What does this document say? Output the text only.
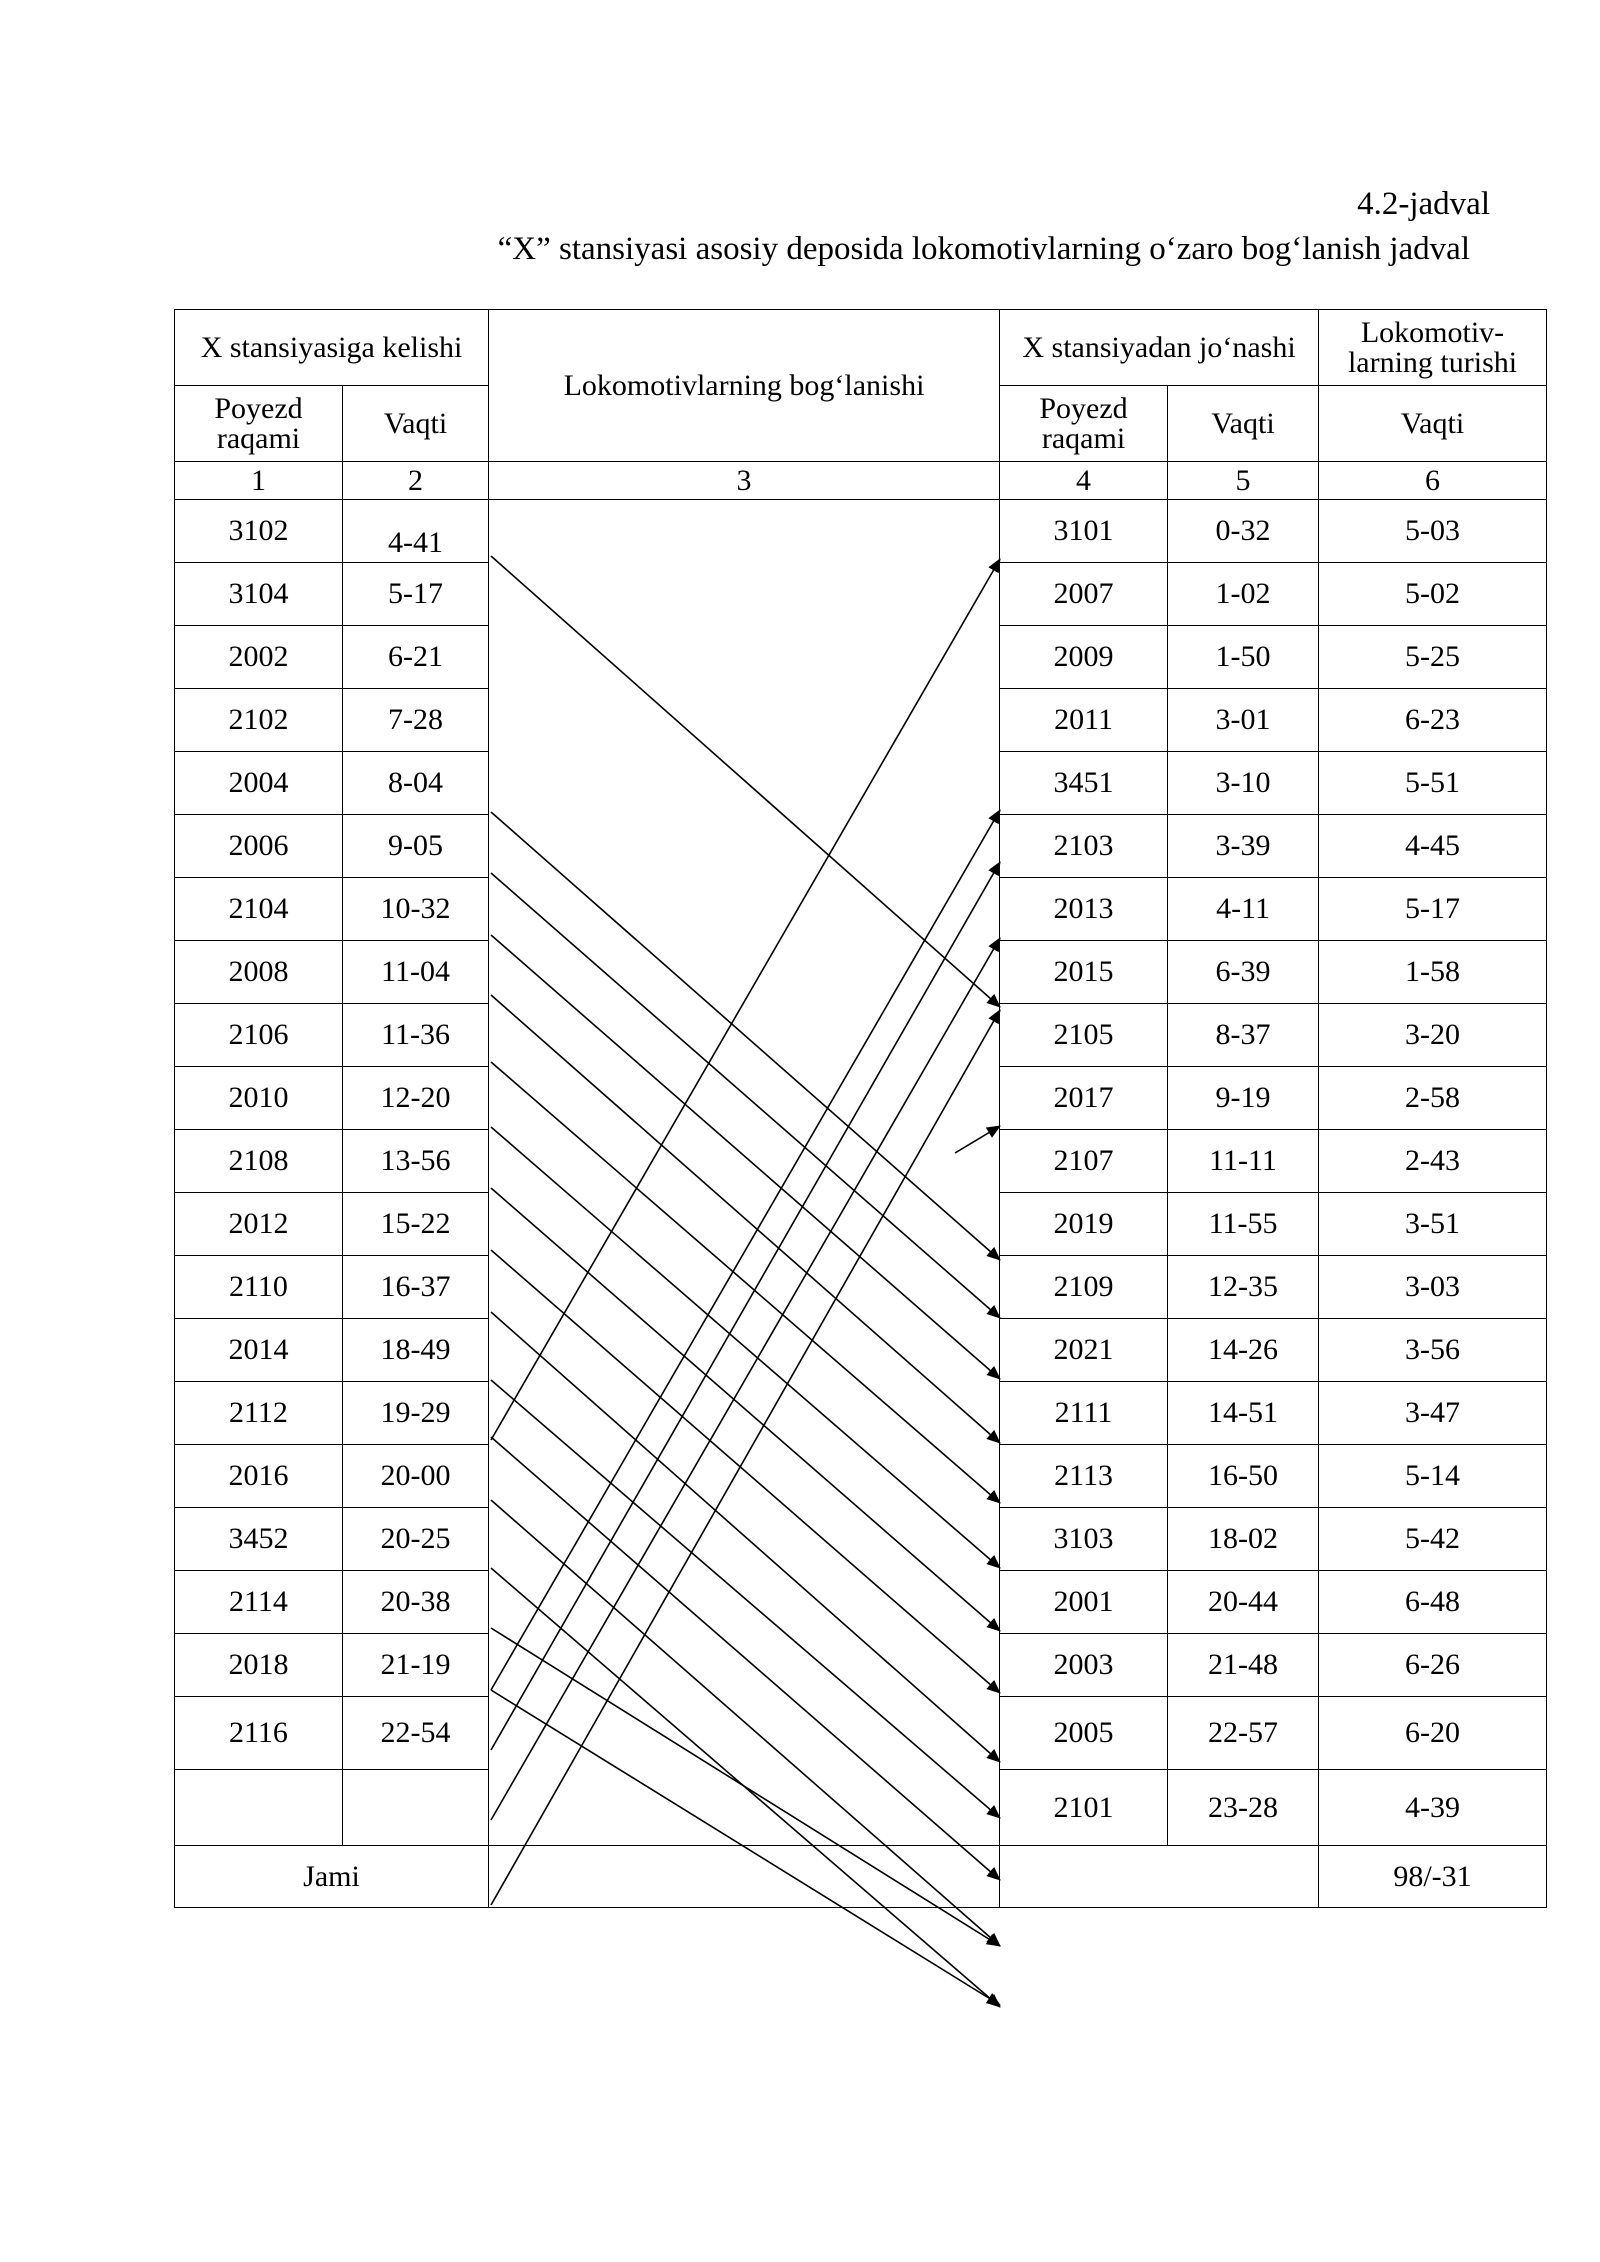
4.2-jadval
“X” stansiyasi asosiy deposida lokomotivlarning o‘zaro bog‘lanish jadval
X stansiyasiga kelishi		Lokomotivlarning bog‘lanishi	X stansiyadan jo‘nashi		Lokomotiv-larning turishi
Poyezd raqami	Vaqti		Poyezd raqami	Vaqti	Vaqti
1	2	3	4	5	6
3102	4-41		3101	0-32	5-03
3104	5-17		2007	1-02	5-02
2002	6-21		2009	1-50	5-25
2102	7-28		2011	3-01	6-23
2004	8-04		3451	3-10	5-51
2006	9-05		2103	3-39	4-45
2104	10-32		2013	4-11	5-17
2008	11-04		2015	6-39	1-58
2106	11-36		2105	8-37	3-20
2010	12-20		2017	9-19	2-58
2108	13-56		2107	11-11	2-43
2012	15-22		2019	11-55	3-51
2110	16-37		2109	12-35	3-03
2014	18-49		2021	14-26	3-56
2112	19-29		2111	14-51	3-47
2016	20-00		2113	16-50	5-14
3452	20-25		3103	18-02	5-42
2114	20-38		2001	20-44	6-48
2018	21-19		2003	21-48	6-26
2116	22-54		2005	22-57	6-20
			2101	23-28	4-39
Jami					98/-31
